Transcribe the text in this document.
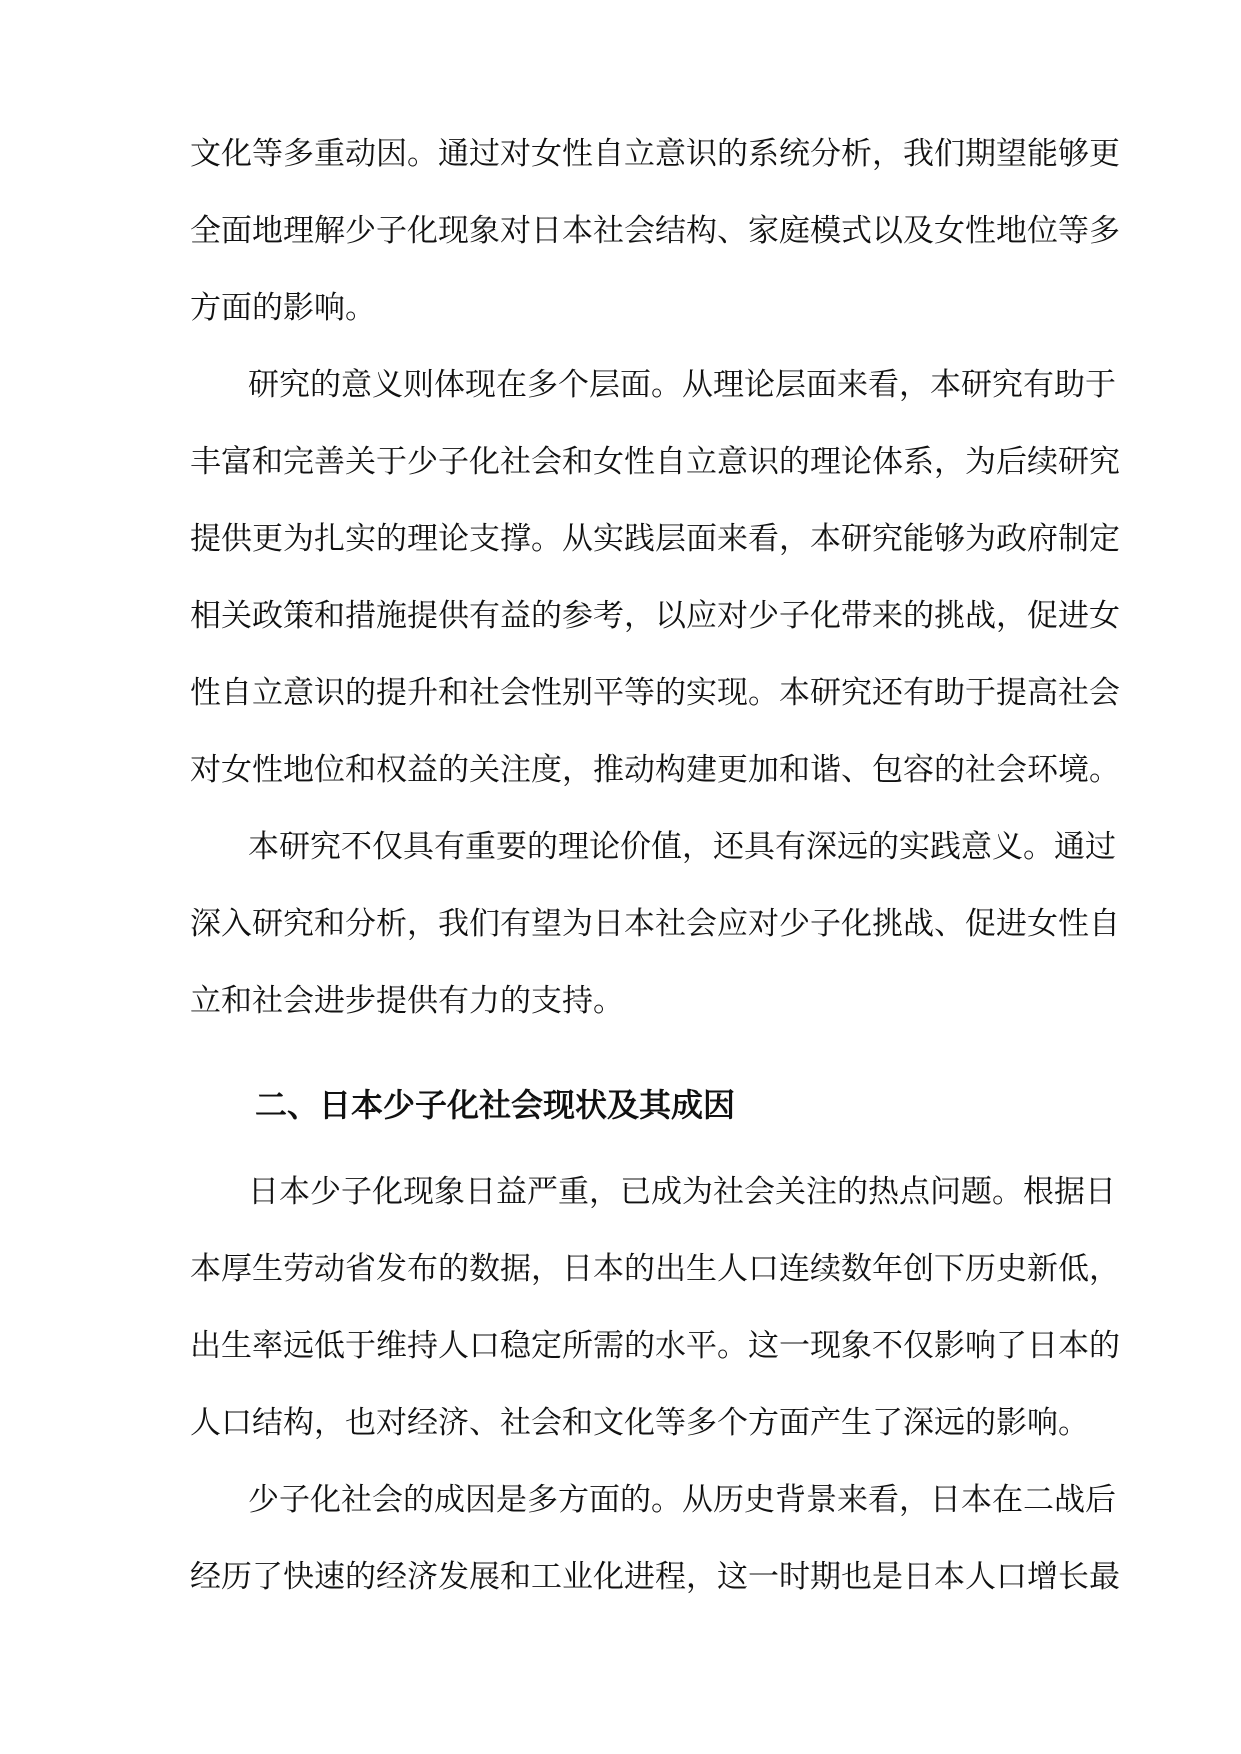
文化等多重动因。通过对女性自立意识的系统分析，我们期望能够更
全面地理解少子化现象对日本社会结构、家庭模式以及女性地位等多
方面的影响。
研究的意义则体现在多个层面。从理论层面来看，本研究有助于
丰富和完善关于少子化社会和女性自立意识的理论体系，为后续研究
提供更为扎实的理论支撑。从实践层面来看，本研究能够为政府制定
相关政策和措施提供有益的参考，以应对少子化带来的挑战，促进女
性自立意识的提升和社会性别平等的实现。本研究还有助于提高社会
对女性地位和权益的关注度，推动构建更加和谐、包容的社会环境。
本研究不仅具有重要的理论价值，还具有深远的实践意义。通过
深入研究和分析，我们有望为日本社会应对少子化挑战、促进女性自
立和社会进步提供有力的支持。
二、日本少子化社会现状及其成因
日本少子化现象日益严重，已成为社会关注的热点问题。根据日
本厚生劳动省发布的数据，日本的出生人口连续数年创下历史新低，
出生率远低于维持人口稳定所需的水平。这一现象不仅影响了日本的
人口结构，也对经济、社会和文化等多个方面产生了深远的影响。
少子化社会的成因是多方面的。从历史背景来看，日本在二战后
经历了快速的经济发展和工业化进程，这一时期也是日本人口增长最
